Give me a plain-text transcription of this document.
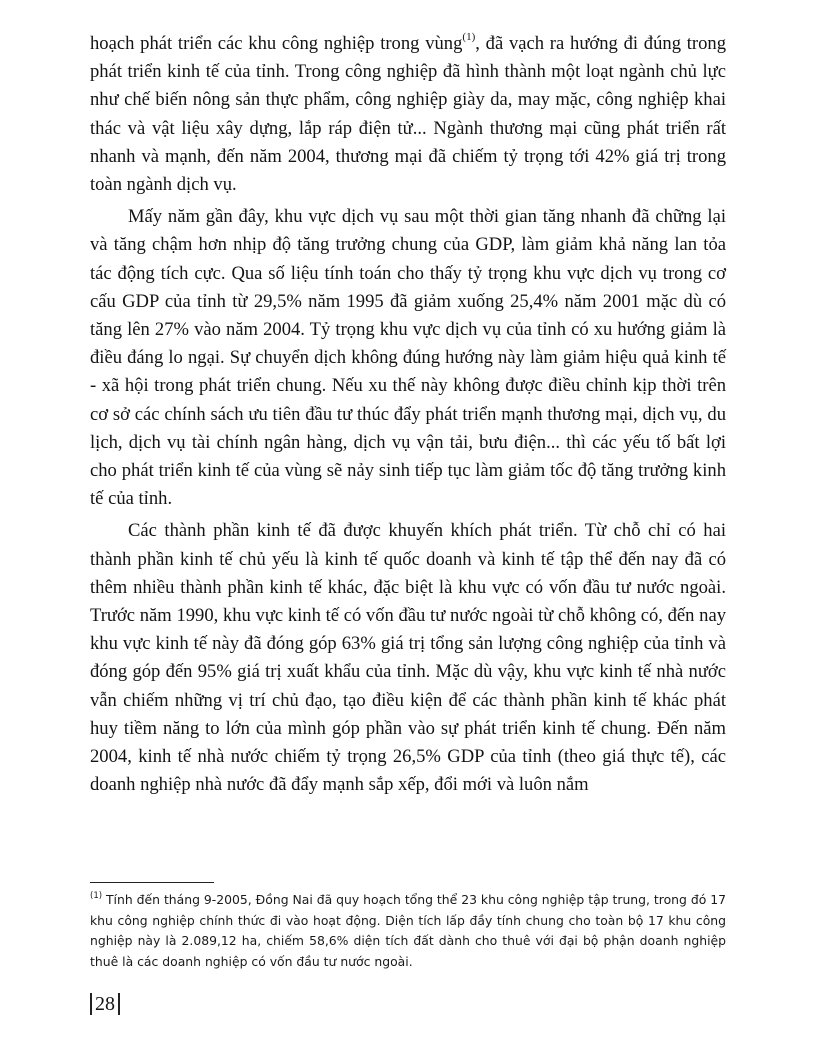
hoạch phát triển các khu công nghiệp trong vùng$^{(1)}$, đã vạch ra hướng đi đúng trong phát triển kinh tế của tỉnh. Trong công nghiệp đã hình thành một loạt ngành chủ lực như chế biến nông sản thực phẩm, công nghiệp giày da, may mặc, công nghiệp khai thác và vật liệu xây dựng, lắp ráp điện tử... Ngành thương mại cũng phát triển rất nhanh và mạnh, đến năm 2004, thương mại đã chiếm tỷ trọng tới 42% giá trị trong toàn ngành dịch vụ.

Mấy năm gần đây, khu vực dịch vụ sau một thời gian tăng nhanh đã chững lại và tăng chậm hơn nhịp độ tăng trưởng chung của GDP, làm giảm khả năng lan tỏa tác động tích cực. Qua số liệu tính toán cho thấy tỷ trọng khu vực dịch vụ trong cơ cấu GDP của tỉnh từ 29,5% năm 1995 đã giảm xuống 25,4% năm 2001 mặc dù có tăng lên 27% vào năm 2004. Tỷ trọng khu vực dịch vụ của tỉnh có xu hướng giảm là điều đáng lo ngại. Sự chuyển dịch không đúng hướng này làm giảm hiệu quả kinh tế - xã hội trong phát triển chung. Nếu xu thế này không được điều chỉnh kịp thời trên cơ sở các chính sách ưu tiên đầu tư thúc đẩy phát triển mạnh thương mại, dịch vụ, du lịch, dịch vụ tài chính ngân hàng, dịch vụ vận tải, bưu điện... thì các yếu tố bất lợi cho phát triển kinh tế của vùng sẽ nảy sinh tiếp tục làm giảm tốc độ tăng trưởng kinh tế của tỉnh.

Các thành phần kinh tế đã được khuyến khích phát triển. Từ chỗ chỉ có hai thành phần kinh tế chủ yếu là kinh tế quốc doanh và kinh tế tập thể đến nay đã có thêm nhiều thành phần kinh tế khác, đặc biệt là khu vực có vốn đầu tư nước ngoài. Trước năm 1990, khu vực kinh tế có vốn đầu tư nước ngoài từ chỗ không có, đến nay khu vực kinh tế này đã đóng góp 63% giá trị tổng sản lượng công nghiệp của tỉnh và đóng góp đến 95% giá trị xuất khẩu của tỉnh. Mặc dù vậy, khu vực kinh tế nhà nước vẫn chiếm những vị trí chủ đạo, tạo điều kiện để các thành phần kinh tế khác phát huy tiềm năng to lớn của mình góp phần vào sự phát triển kinh tế chung. Đến năm 2004, kinh tế nhà nước chiếm tỷ trọng 26,5% GDP của tỉnh (theo giá thực tế), các doanh nghiệp nhà nước đã đẩy mạnh sắp xếp, đổi mới và luôn nắm

$^{(1)}$ Tính đến tháng 9-2005, Đồng Nai đã quy hoạch tổng thể 23 khu công nghiệp tập trung, trong đó 17 khu công nghiệp chính thức đi vào hoạt động. Diện tích lấp đầy tính chung cho toàn bộ 17 khu công nghiệp này là 2.089,12 ha, chiếm 58,6% diện tích đất dành cho thuê với đại bộ phận doanh nghiệp thuê là các doanh nghiệp có vốn đầu tư nước ngoài.

28
